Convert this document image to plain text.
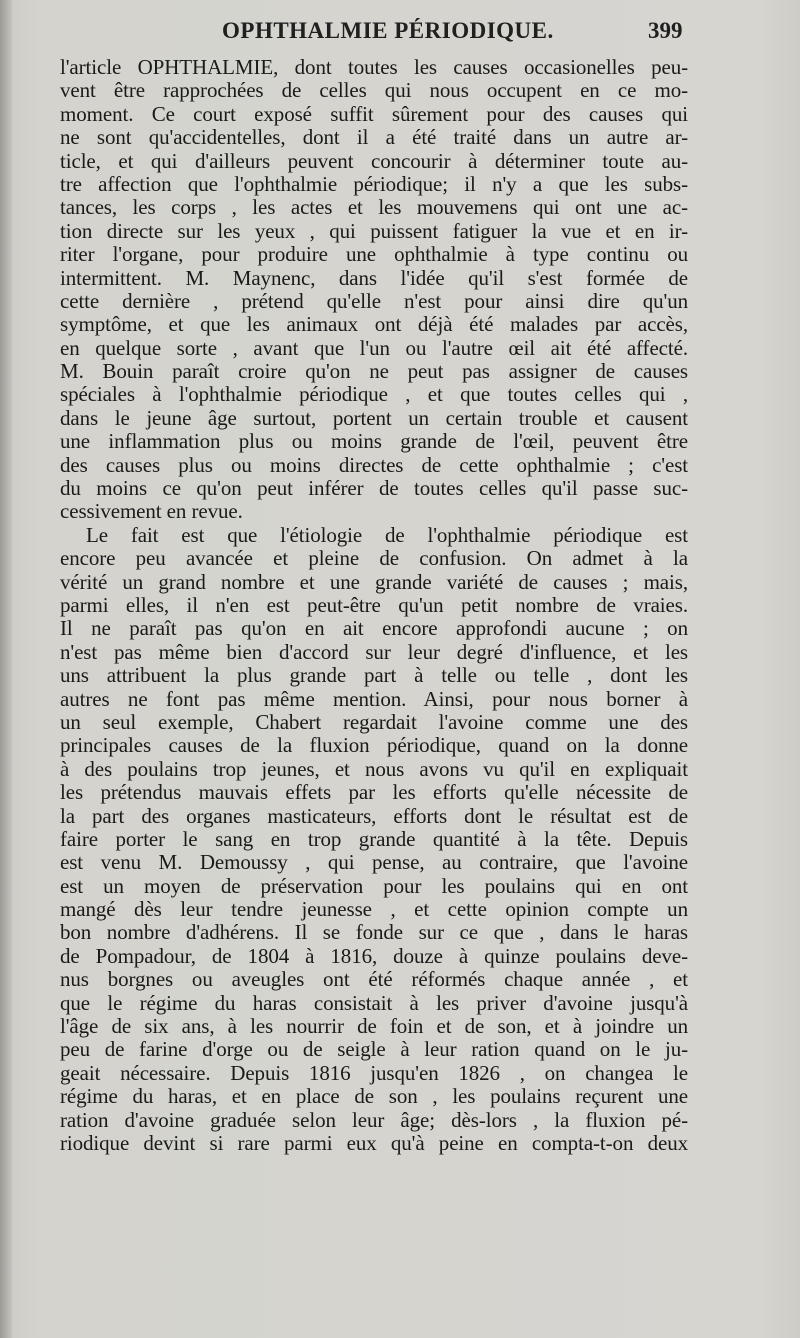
OPHTHALMIE PÉRIODIQUE.	399
l'article OPHTHALMIE, dont toutes les causes occasionelles peu-
vent être rapprochées de celles qui nous occupent en ce mo-
moment. Ce court exposé suffit sûrement pour des causes qui
ne sont qu'accidentelles, dont il a été traité dans un autre ar-
ticle, et qui d'ailleurs peuvent concourir à déterminer toute au-
tre affection que l'ophthalmie périodique; il n'y a que les subs-
tances, les corps , les actes et les mouvemens qui ont une ac-
tion directe sur les yeux , qui puissent fatiguer la vue et en ir-
riter l'organe, pour produire une ophthalmie à type continu ou
intermittent. M. Maynenc, dans l'idée qu'il s'est formée de
cette dernière , prétend qu'elle n'est pour ainsi dire qu'un
symptôme, et que les animaux ont déjà été malades par accès,
en quelque sorte , avant que l'un ou l'autre œil ait été affecté.
M. Bouin paraît croire qu'on ne peut pas assigner de causes
spéciales à l'ophthalmie périodique , et que toutes celles qui ,
dans le jeune âge surtout, portent un certain trouble et causent
une inflammation plus ou moins grande de l'œil, peuvent être
des causes plus ou moins directes de cette ophthalmie ; c'est
du moins ce qu'on peut inférer de toutes celles qu'il passe suc-
cessivement en revue.
Le fait est que l'étiologie de l'ophthalmie périodique est
encore peu avancée et pleine de confusion. On admet à la
vérité un grand nombre et une grande variété de causes ; mais,
parmi elles, il n'en est peut-être qu'un petit nombre de vraies.
Il ne paraît pas qu'on en ait encore approfondi aucune ; on
n'est pas même bien d'accord sur leur degré d'influence, et les
uns attribuent la plus grande part à telle ou telle , dont les
autres ne font pas même mention. Ainsi, pour nous borner à
un seul exemple, Chabert regardait l'avoine comme une des
principales causes de la fluxion périodique, quand on la donne
à des poulains trop jeunes, et nous avons vu qu'il en expliquait
les prétendus mauvais effets par les efforts qu'elle nécessite de
la part des organes masticateurs, efforts dont le résultat est de
faire porter le sang en trop grande quantité à la tête. Depuis
est venu M. Demoussy , qui pense, au contraire, que l'avoine
est un moyen de préservation pour les poulains qui en ont
mangé dès leur tendre jeunesse , et cette opinion compte un
bon nombre d'adhérens. Il se fonde sur ce que , dans le haras
de Pompadour, de 1804 à 1816, douze à quinze poulains deve-
nus borgnes ou aveugles ont été réformés chaque année , et
que le régime du haras consistait à les priver d'avoine jusqu'à
l'âge de six ans, à les nourrir de foin et de son, et à joindre un
peu de farine d'orge ou de seigle à leur ration quand on le ju-
geait nécessaire. Depuis 1816 jusqu'en 1826 , on changea le
régime du haras, et en place de son , les poulains reçurent une
ration d'avoine graduée selon leur âge; dès-lors , la fluxion pé-
riodique devint si rare parmi eux qu'à peine en compta-t-on deux
